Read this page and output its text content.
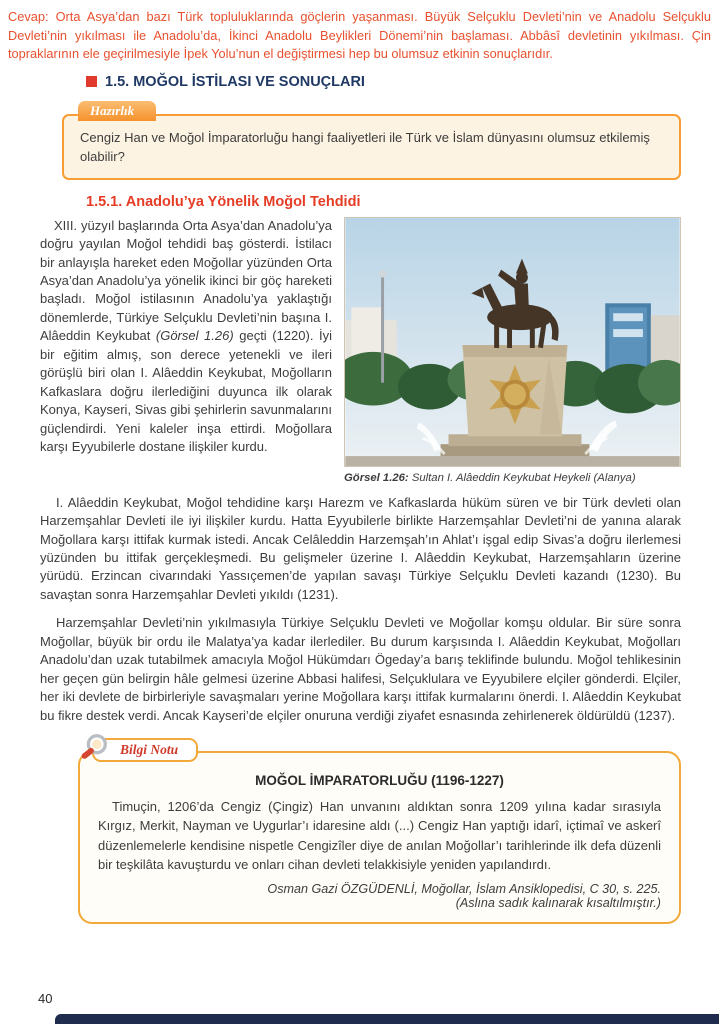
Cevap: Orta Asya’dan bazı Türk topluluklarında göçlerin yaşanması. Büyük Selçuklu Devleti’nin ve Anadolu Selçuklu Devleti’nin yıkılması ile Anadolu’da, İkinci Anadolu Beylikleri Dönemi’nin başlaması. Abbâsî devletinin yıkılması. Çin topraklarının ele geçirilmesiyle İpek Yolu’nun el değiştirmesi hep bu olumsuz etkinin sonuçlarıdır.

1.5. MOĞOL İSTİLASI VE SONUÇLARI
Hazırlık

Cengiz Han ve Moğol İmparatorluğu hangi faaliyetleri ile Türk ve İslam dünyasını olumsuz etkilemiş olabilir?

1.5.1. Anadolu’ya Yönelik Moğol Tehdidi

XIII. yüzyıl başlarında Orta Asya’dan Anadolu’ya doğru yayılan Moğol tehdidi baş gösterdi. İstilacı bir anlayışla hareket eden Moğollar yüzünden Orta Asya’dan Anadolu’ya yönelik ikinci bir göç hareketi başladı. Moğol istilasının Anadolu’ya yaklaştığı dönemlerde, Türkiye Selçuklu Devleti’nin başına I. Alâeddin Keykubat (Görsel 1.26) geçti (1220). İyi bir eğitim almış, son derece yetenekli ve ileri görüşlü biri olan I. Alâeddin Keykubat, Moğolların Kafkaslara doğru ilerlediğini duyunca ilk olarak Konya, Kayseri, Sivas gibi şehirlerin savunmalarını güçlendirdi. Yeni kaleler inşa ettirdi. Moğollara karşı Eyyubilerle dostane ilişkiler kurdu.

Görsel 1.26: Sultan I. Alâeddin Keykubat Heykeli (Alanya)

I. Alâeddin Keykubat, Moğol tehdidine karşı Harezm ve Kafkaslarda hüküm süren ve bir Türk devleti olan Harzemşahlar Devleti ile iyi ilişkiler kurdu. Hatta Eyyubilerle birlikte Harzemşahlar Devleti’ni de yanına alarak Moğollara karşı ittifak kurmak istedi. Ancak Celâleddin Harzemşah’ın Ahlat’ı işgal edip Sivas’a doğru ilerlemesi yüzünden bu ittifak gerçekleşmedi. Bu gelişmeler üzerine I. Alâeddin Keykubat, Harzemşahların üzerine yürüdü. Erzincan civarındaki Yassıçemen’de yapılan savaşı Türkiye Selçuklu Devleti kazandı (1230). Bu savaştan sonra Harzemşahlar Devleti yıkıldı (1231).

Harzemşahlar Devleti’nin yıkılmasıyla Türkiye Selçuklu Devleti ve Moğollar komşu oldular. Bir süre sonra Moğollar, büyük bir ordu ile Malatya’ya kadar ilerlediler. Bu durum karşısında I. Alâeddin Keykubat, Moğolları Anadolu’dan uzak tutabilmek amacıyla Moğol Hükümdarı Ögeday’a barış teklifinde bulundu. Moğol tehlikesinin her geçen gün belirgin hâle gelmesi üzerine Abbasi halifesi, Selçuklulara ve Eyyubilere elçiler gönderdi. Elçiler, her iki devlete de birbirleriyle savaşmaları yerine Moğollara karşı ittifak kurmalarını önerdi. I. Alâeddin Keykubat bu fikre destek verdi. Ancak Kayseri’de elçiler onuruna verdiği ziyafet esnasında zehirlenerek öldürüldü (1237).

Bilgi Notu
MOĞOL İMPARATORLUĞU (1196-1227)

Timuçin, 1206’da Cengiz (Çingiz) Han unvanını aldıktan sonra 1209 yılına kadar sırasıyla Kırgız, Merkit, Nayman ve Uygurlar’ı idaresine aldı (...) Cengiz Han yaptığı idarî, içtimaî ve askerî düzenlemelerle kendisine nispetle Cengizîler diye de anılan Moğollar’ı tarihlerinde ilk defa düzenli bir teşkilâta kavuşturdu ve onları cihan devleti telakkisiyle yeniden yapılandırdı.

Osman Gazi ÖZGÜDENLİ, Moğollar, İslam Ansiklopedisi, C 30, s. 225.

(Aslına sadık kalınarak kısaltılmıştır.)

40
